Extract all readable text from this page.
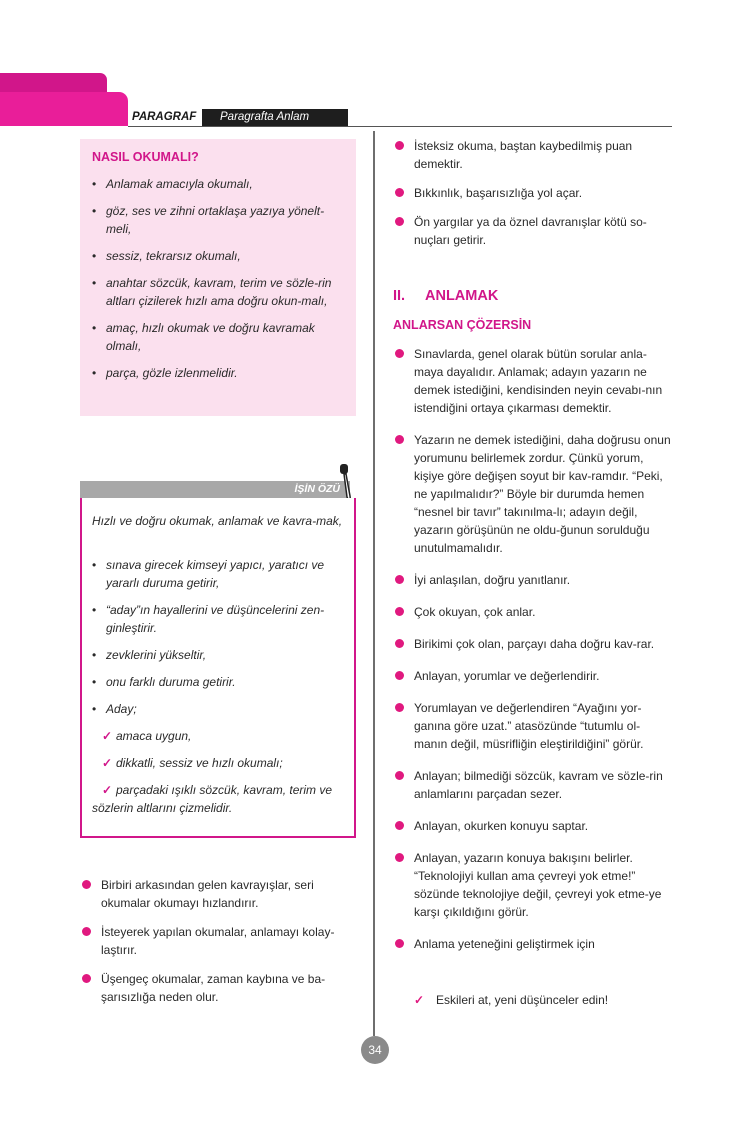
PARAGRAF	Paragrafta Anlam
NASIL OKUMALI?
• Anlamak amacıyla okumalı,
• göz, ses ve zihni ortaklaşa yazıya yönelt-meli,
• sessiz, tekrarsız okumalı,
• anahtar sözcük, kavram, terim ve sözle-rin altları çizilerek hızlı ama doğru okun-malı,
• amaç, hızlı okumak ve doğru kavramak olmalı,
• parça, gözle izlenmelidir.
İŞİN ÖZÜ
Hızlı ve doğru okumak, anlamak ve kavra-mak,
• sınava girecek kimseyi yapıcı, yaratıcı ve yararlı duruma getirir,
• “aday”ın hayallerini ve düşüncelerini zen-ginleştirir.
• zevklerini yükseltir,
• onu farklı duruma getirir.
• Aday;
✓ amaca uygun,
✓ dikkatli, sessiz ve hızlı okumalı;
✓ parçadaki ışıklı sözcük, kavram, terim ve sözlerin altlarını çizmelidir.
Birbiri arkasından gelen kavrayışlar, seri okumalar okumayı hızlandırır.
İsteyerek yapılan okumalar, anlamayı kolay-laştırır.
Üşengeç okumalar, zaman kaybına ve ba-şarısızlığa neden olur.
İsteksiz okuma, baştan kaybedilmiş puan demektir.
Bıkkınlık, başarısızlığa yol açar.
Ön yargılar ya da öznel davranışlar kötü so-nuçları getirir.
II. ANLAMAK
ANLARSAN ÇÖZERSİN
Sınavlarda, genel olarak bütün sorular anla-maya dayalıdır. Anlamak; adayın yazarın ne demek istediğini, kendisinden neyin cevabı-nın istendiğini ortaya çıkarması demektir.
Yazarın ne demek istediğini, daha doğrusu onun yorumunu belirlemek zordur. Çünkü yorum, kişiye göre değişen soyut bir kav-ramdır. “Peki, ne yapılmalıdır?” Böyle bir durumda hemen “nesnel bir tavır” takınılma-lı; adayın değil, yazarın görüşünün ne oldu-ğunun sorulduğu unutulmamalıdır.
İyi anlaşılan, doğru yanıtlanır.
Çok okuyan, çok anlar.
Birikimi çok olan, parçayı daha doğru kav-rar.
Anlayan, yorumlar ve değerlendirir.
Yorumlayan ve değerlendiren “Ayağını yor-ganına göre uzat.” atasözünde “tutumlu ol-manın değil, müsrifliğin eleştirildiğini” görür.
Anlayan; bilmediği sözcük, kavram ve sözle-rin anlamlarını parçadan sezer.
Anlayan, okurken konuyu saptar.
Anlayan, yazarın konuya bakışını belirler. “Teknolojiyi kullan ama çevreyi yok etme!” sözünde teknolojiye değil, çevreyi yok etme-ye karşı çıkıldığını görür.
Anlama yeteneğini geliştirmek için
✓ Eskileri at, yeni düşünceler edin!
34
